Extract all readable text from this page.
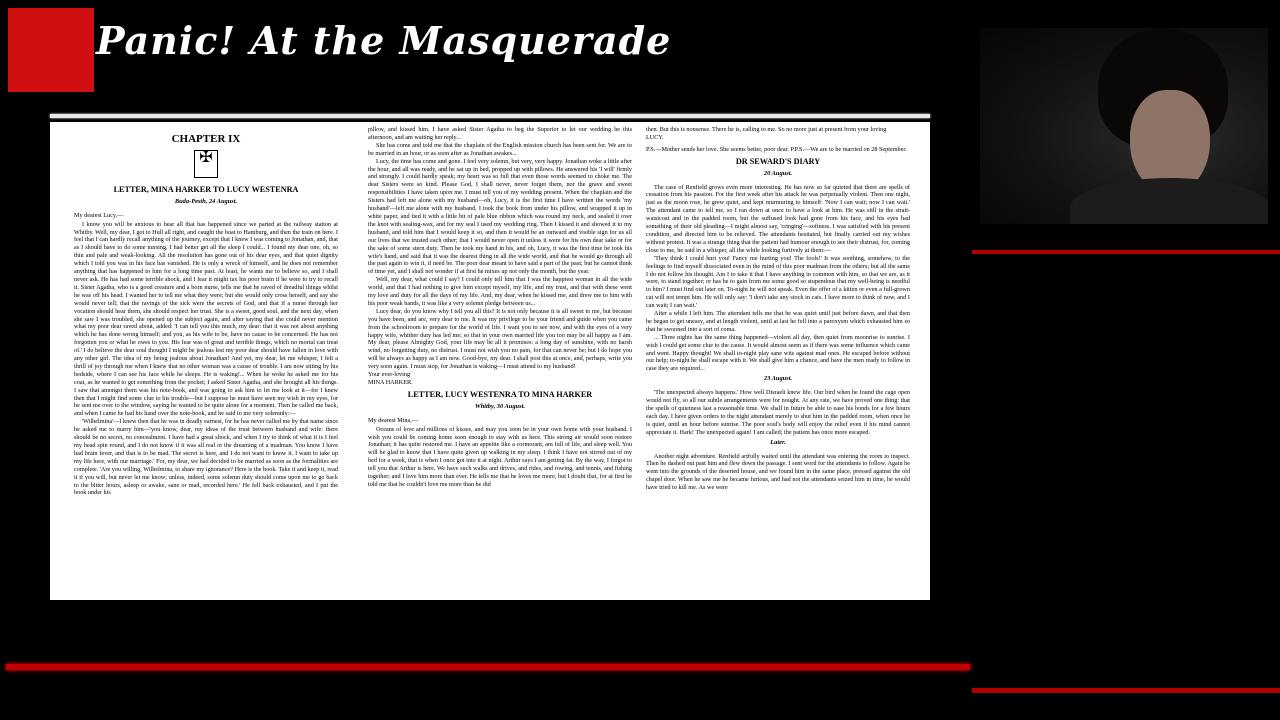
Panic! At the Masquerade
CHAPTER IX
✠
LETTER, MINA HARKER TO LUCY WESTENRA
Buda-Pesth, 24 August.

My dearest Lucy,—

I know you will be anxious to hear all that has happened since we parted at the railway station at Whitby. Well, my dear, I got to Hull all right, and caught the boat to Hamburg, and then the train on here. I feel that I can hardly recall anything of the journey, except that I knew I was coming to Jonathan, and, that as I should have to do some nursing, I had better get all the sleep I could... I found my dear one, oh, so thin and pale and weak-looking. All the resolution has gone out of his dear eyes, and that quiet dignity which I told you was in his face has vanished. He is only a wreck of himself, and he does not remember anything that has happened to him for a long time past. At least, he wants me to believe so, and I shall never ask. He has had some terrible shock, and I fear it might tax his poor brain if he were to try to recall it. Sister Agatha, who is a good creature and a born nurse, tells me that he raved of dreadful things whilst he was off his head. I wanted her to tell me what they were; but she would only cross herself, and say she would never tell; that the ravings of the sick were the secrets of God, and that if a nurse through her vocation should hear them, she should respect her trust. She is a sweet, good soul, and the next day, when she saw I was troubled, she opened up the subject again, and after saying that she could never mention what my poor dear raved about, added: 'I can tell you this much, my dear: that it was not about anything which he has done wrong himself; and you, as his wife to be, have no cause to be concerned. He has not forgotten you or what he owes to you. His fear was of great and terrible things, which no mortal can treat of.' I do believe the dear soul thought I might be jealous lest my poor dear should have fallen in love with any other girl. The idea of my being jealous about Jonathan! And yet, my dear, let me whisper, I felt a thrill of joy through me when I knew that no other woman was a cause of trouble. I am now sitting by his bedside, where I can see his face while he sleeps. He is waking!... When he woke he asked me for his coat, as he wanted to get something from the pocket; I asked Sister Agatha, and she brought all his things. I saw that amongst them was his note-book, and was going to ask him to let me look at it—for I knew then that I might find some clue to his trouble—but I suppose he must have seen my wish in my eyes, for he sent me over to the window, saying he wanted to be quite alone for a moment. Then he called me back, and when I came he had his hand over the note-book, and he said to me very solemnly:—

'Wilhelmina'—I knew then that he was in deadly earnest, for he has never called me by that name since he asked me to marry him—'you know, dear, my ideas of the trust between husband and wife: there should be no secret, no concealment. I have had a great shock, and when I try to think of what it is I feel my head spin round, and I do not know if it was all real or the dreaming of a madman. You know I have had brain fever, and that is to be mad. The secret is here, and I do not want to know it. I want to take up my life here, with our marriage.' For, my dear, we had decided to be married as soon as the formalities are complete. 'Are you willing, Wilhelmina, to share my ignorance? Here is the book. Take it and keep it, read it if you will, but never let me know; unless, indeed, some solemn duty should come upon me to go back to the bitter hours, asleep or awake, sane or mad, recorded here.' He fell back exhausted, and I put the book under his

pillow, and kissed him. I have asked Sister Agatha to beg the Superior to let our wedding be this afternoon, and am waiting her reply...

She has come and told me that the chaplain of the English mission church has been sent for. We are to be married in an hour, or as soon after as Jonathan awakes...

Lucy, the time has come and gone. I feel very solemn, but very, very happy. Jonathan woke a little after the hour, and all was ready, and he sat up in bed, propped up with pillows. He answered his 'I will' firmly and strongly. I could hardly speak; my heart was so full that even those words seemed to choke me. The dear Sisters were so kind. Please God, I shall never, never forget them, nor the grave and sweet responsibilities I have taken upon me. I must tell you of my wedding present. When the chaplain and the Sisters had left me alone with my husband—oh, Lucy, it is the first time I have written the words 'my husband'—left me alone with my husband, I took the book from under his pillow, and wrapped it up in white paper, and tied it with a little bit of pale blue ribbon which was round my neck, and sealed it over the knot with sealing-wax, and for my seal I used my wedding ring. Then I kissed it and showed it to my husband, and told him that I would keep it so, and then it would be an outward and visible sign for us all our lives that we trusted each other; that I would never open it unless it were for his own dear sake or for the sake of some stern duty. Then he took my hand in his, and oh, Lucy, it was the first time he took his wife's hand, and said that it was the dearest thing in all the wide world, and that he would go through all the past again to win it, if need be. The poor dear meant to have said a part of the past; but he cannot think of time yet, and I shall not wonder if at first he mixes up not only the month, but the year.

Well, my dear, what could I say? I could only tell him that I was the happiest woman in all the wide world, and that I had nothing to give him except myself, my life, and my trust, and that with these went my love and duty for all the days of my life. And, my dear, when he kissed me, and drew me to him with his poor weak hands, it was like a very solemn pledge between us...

Lucy dear, do you know why I tell you all this? It is not only because it is all sweet to me, but because you have been, and are, very dear to me. It was my privilege to be your friend and guide when you came from the schoolroom to prepare for the world of life. I want you to see now, and with the eyes of a very happy wife, whither duty has led me; so that in your own married life you too may be all happy as I am. My dear, please Almighty God, your life may be all it promises: a long day of sunshine, with no harsh wind, no forgetting duty, no distrust. I must not wish you no pain, for that can never be; but I do hope you will be always as happy as I am now. Good-bye, my dear. I shall post this at once, and, perhaps, write you very soon again. I must stop, for Jonathan is waking—I must attend to my husband!

Your ever-loving

MINA HARKER.

LETTER, LUCY WESTENRA TO MINA HARKER
Whitby, 30 August.

My dearest Mina,—

Oceans of love and millions of kisses, and may you soon be in your own home with your husband. I wish you could be coming home soon enough to stay with us here. This strong air would soon restore Jonathan; it has quite restored me. I have an appetite like a cormorant, am full of life, and sleep well. You will be glad to know that I have quite given up walking in my sleep. I think I have not stirred out of my bed for a week, that is when I once got into it at night. Arthur says I am getting fat. By the way, I forgot to tell you that Arthur is here. We have such walks and drives, and rides, and rowing, and tennis, and fishing together; and I love him more than ever. He tells me that he loves me more, but I doubt that, for at first he told me that he couldn't love me more than he did

then. But this is nonsense. There he is, calling to me. So no more just at present from your loving

LUCY.

P.S.—Mother sends her love. She seems better, poor dear. P.P.S.—We are to be married on 28 September.

DR SEWARD'S DIARY
20 August.

The case of Renfield grows even more interesting. He has now so far quieted that there are spells of cessation from his passion. For the first week after his attack he was perpetually violent. Then one night, just as the moon rose, he grew quiet, and kept murmuring to himself: 'Now I can wait; now I can wait.' The attendant came to tell me, so I ran down at once to have a look at him. He was still in the strait-waistcoat and in the padded room, but the suffused look had gone from his face, and his eyes had something of their old pleading—I might almost say, 'cringing'—softness. I was satisfied with his present condition, and directed him to be relieved. The attendants hesitated, but finally carried out my wishes without protest. It was a strange thing that the patient had humour enough to see their distrust, for, coming close to me, he said in a whisper, all the while looking furtively at them:—

'They think I could hurt you! Fancy me hurting you! The fools!' It was soothing, somehow, to the feelings to find myself dissociated even in the mind of this poor madman from the others; but all the same I do not follow his thought. Am I to take it that I have anything in common with him, so that we are, as it were, to stand together; or has he to gain from me some good so stupendous that my well-being is needful to him? I must find out later on. To-night he will not speak. Even the offer of a kitten or even a full-grown cat will not tempt him. He will only say: 'I don't take any stock in cats. I have more to think of now, and I can wait; I can wait.'

After a while I left him. The attendant tells me that he was quiet until just before dawn, and that then he began to get uneasy, and at length violent, until at last he fell into a paroxysm which exhausted him so that he swooned into a sort of coma.

... Three nights has the same thing happened—violent all day, then quiet from moonrise to sunrise. I wish I could get some clue to the cause. It would almost seem as if there was some influence which came and went. Happy thought! We shall to-night play sane wits against mad ones. He escaped before without our help; to-night he shall escape with it. We shall give him a chance, and have the men ready to follow in case they are required...

23 August.

'The unexpected always happens.' How well Disraeli knew life. Our bird when he found the cage open would not fly, so all our subtle arrangements were for nought. At any rate, we have proved one thing: that the spells of quietness last a reasonable time. We shall in future be able to ease his bonds for a few hours each day. I have given orders to the night attendant merely to shut him in the padded room, when once he is quiet, until an hour before sunrise. The poor soul's body will enjoy the relief even if his mind cannot appreciate it. Hark! The unexpected again! I am called; the patient has once more escaped.

Later.

Another night adventure. Renfield artfully waited until the attendant was entering the room to inspect. Then he dashed out past him and flew down the passage. I sent word for the attendants to follow. Again he went into the grounds of the deserted house, and we found him in the same place, pressed against the old chapel door. When he saw me he became furious, and had not the attendants seized him in time, he would have tried to kill me. As we were
